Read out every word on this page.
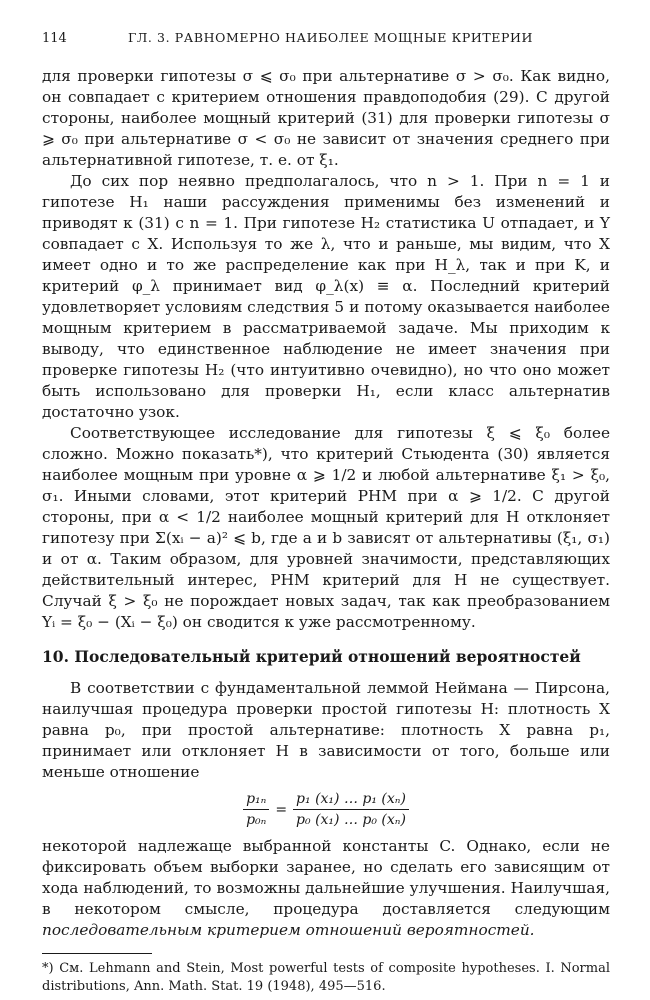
114	ГЛ. 3. РАВНОМЕРНО НАИБОЛЕЕ МОЩНЫЕ КРИТЕРИИ

для проверки гипотезы σ ⩽ σ₀ при альтернативе σ > σ₀. Как видно, он совпадает с критерием отношения правдоподобия (29). С другой стороны, наиболее мощный критерий (31) для проверки гипотезы σ ⩾ σ₀ при альтернативе σ < σ₀ не зависит от значения среднего при альтернативной гипотезе, т. е. от ξ₁.

До сих пор неявно предполагалось, что n > 1. При n = 1 и гипотезе H₁ наши рассуждения применимы без изменений и приводят к (31) с n = 1. При гипотезе H₂ статистика U отпадает, и Y совпадает с X. Используя то же λ, что и раньше, мы видим, что X имеет одно и то же распределение как при H_λ, так и при K, и критерий φ_λ принимает вид φ_λ(x) ≡ α. Последний критерий удовлетворяет условиям следствия 5 и потому оказывается наиболее мощным критерием в рассматриваемой задаче. Мы приходим к выводу, что единственное наблюдение не имеет значения при проверке гипотезы H₂ (что интуитивно очевидно), но что оно может быть использовано для проверки H₁, если класс альтернатив достаточно узок.

Соответствующее исследование для гипотезы ξ ⩽ ξ₀ более сложно. Можно показать*), что критерий Стьюдента (30) является наиболее мощным при уровне α ⩾ 1/2 и любой альтернативе ξ₁ > ξ₀, σ₁. Иными словами, этот критерий РНМ при α ⩾ 1/2. С другой стороны, при α < 1/2 наиболее мощный критерий для H отклоняет гипотезу при Σ(xᵢ − a)² ⩽ b, где a и b зависят от альтернативы (ξ₁, σ₁) и от α. Таким образом, для уровней значимости, представляющих действительный интерес, РНМ критерий для H не существует. Случай ξ > ξ₀ не порождает новых задач, так как преобразованием Yᵢ = ξ₀ − (Xᵢ − ξ₀) он сводится к уже рассмотренному.

10. Последовательный критерий отношений вероятностей

В соответствии с фундаментальной леммой Неймана — Пирсона, наилучшая процедура проверки простой гипотезы H: плотность X равна p₀, при простой альтернативе: плотность X равна p₁, принимает или отклоняет H в зависимости от того, больше или меньше отношение

$\frac{\text{p₁ₙ}}{\text{p₀ₙ}} = \frac{\text{p₁ (x₁) … p₁ (xₙ)}}{\text{p₀ (x₁) … p₀ (xₙ)}}$

некоторой надлежаще выбранной константы C. Однако, если не фиксировать объем выборки заранее, но сделать его зависящим от хода наблюдений, то возможны дальнейшие улучшения. Наилучшая, в некотором смысле, процедура доставляется следующим последовательным критерием отношений вероятностей.

*) См. Lehmann and Stein, Most powerful tests of composite hypotheses. I. Normal distributions, Ann. Math. Stat. 19 (1948), 495—516.
